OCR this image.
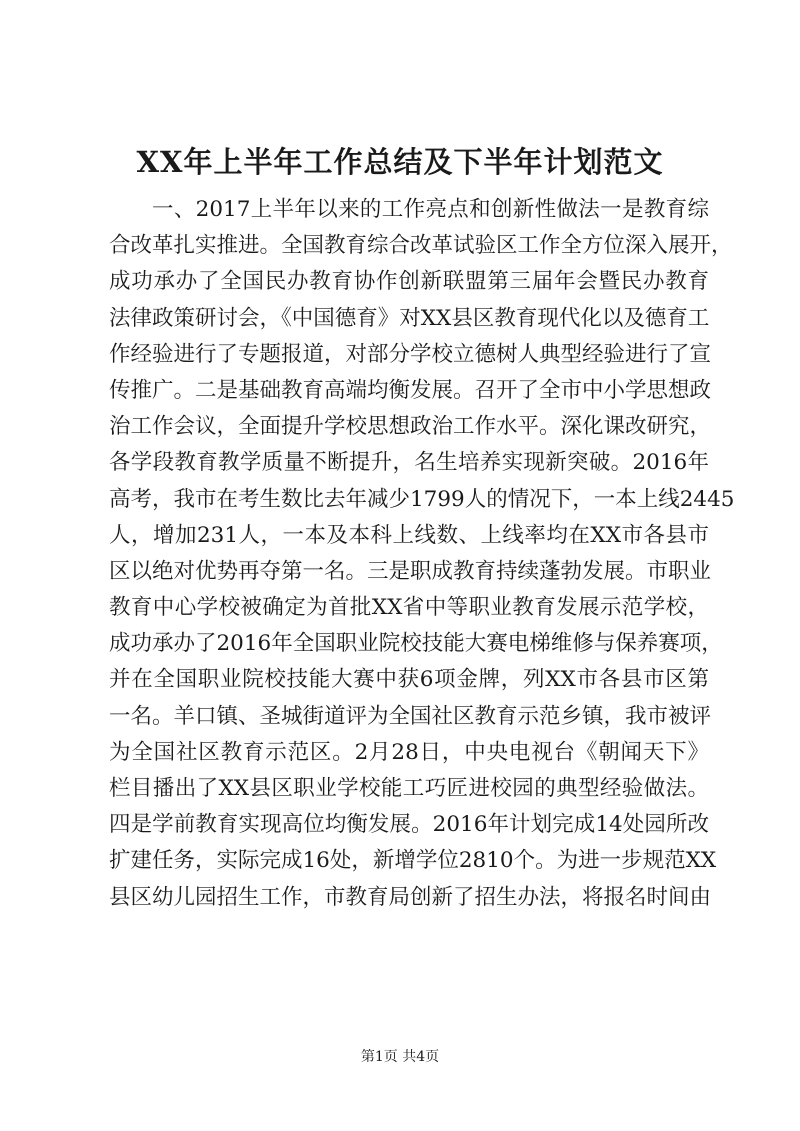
XX年上半年工作总结及下半年计划范文
一、2017上半年以来的工作亮点和创新性做法一是教育综
合改革扎实推进。全国教育综合改革试验区工作全方位深入展开，
成功承办了全国民办教育协作创新联盟第三届年会暨民办教育
法律政策研讨会，《中国德育》对XX县区教育现代化以及德育工
作经验进行了专题报道，对部分学校立德树人典型经验进行了宣
传推广。二是基础教育高端均衡发展。召开了全市中小学思想政
治工作会议，全面提升学校思想政治工作水平。深化课改研究，
各学段教育教学质量不断提升，名生培养实现新突破。2016年
高考，我市在考生数比去年减少1799人的情况下，一本上线2445
人，增加231人，一本及本科上线数、上线率均在XX市各县市
区以绝对优势再夺第一名。三是职成教育持续蓬勃发展。市职业
教育中心学校被确定为首批XX省中等职业教育发展示范学校，
成功承办了2016年全国职业院校技能大赛电梯维修与保养赛项，
并在全国职业院校技能大赛中获6项金牌，列XX市各县市区第
一名。羊口镇、圣城街道评为全国社区教育示范乡镇，我市被评
为全国社区教育示范区。2月28日，中央电视台《朝闻天下》
栏目播出了XX县区职业学校能工巧匠进校园的典型经验做法。
四是学前教育实现高位均衡发展。2016年计划完成14处园所改
扩建任务，实际完成16处，新增学位2810个。为进一步规范XX
县区幼儿园招生工作，市教育局创新了招生办法，将报名时间由
第1页 共4页
